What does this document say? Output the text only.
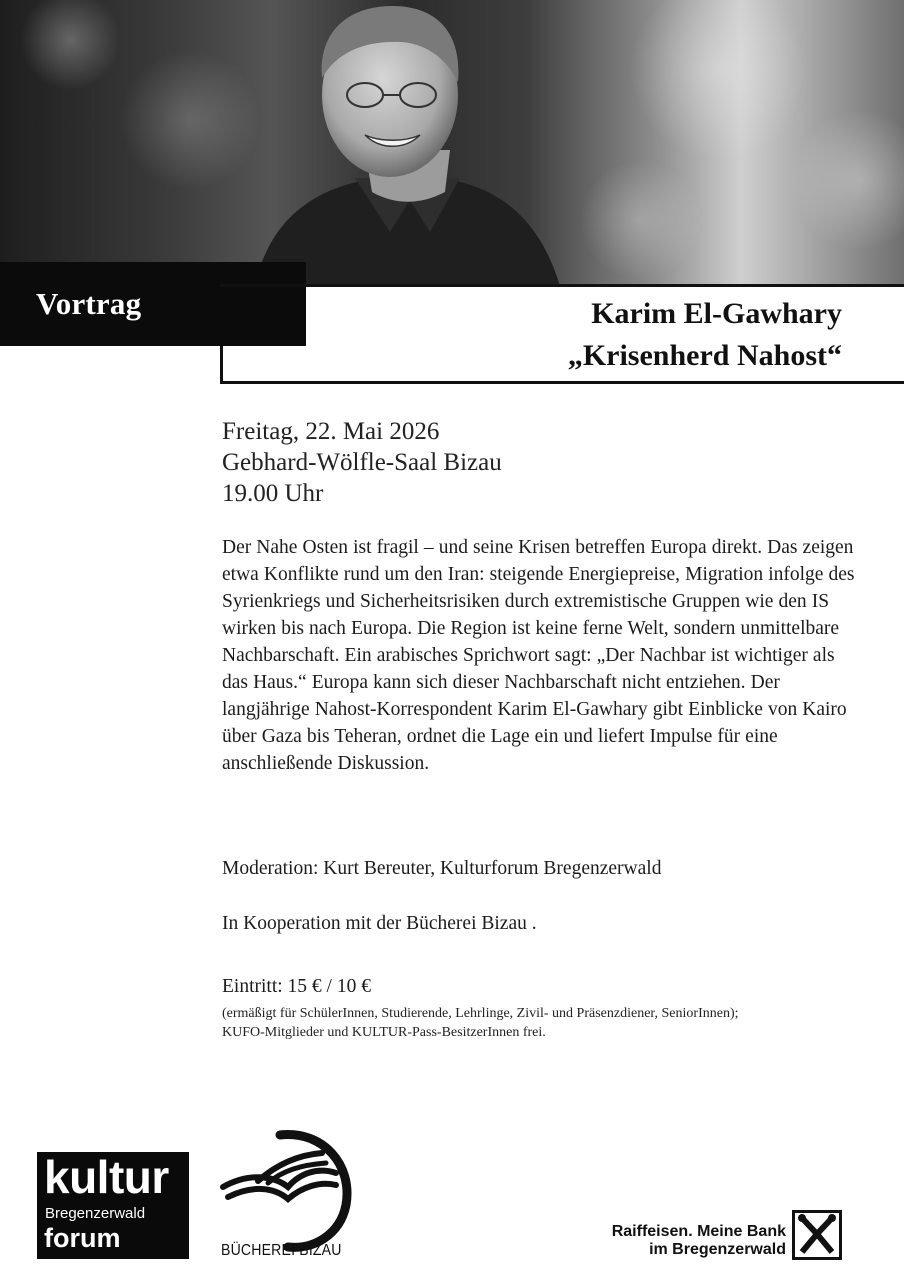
Vortrag	Karim El-Gawhary
„Krisenherd Nahost“
Freitag, 22. Mai 2026
Gebhard-Wölfle-Saal Bizau
19.00 Uhr
Der Nahe Osten ist fragil – und seine Krisen betreffen Europa direkt. Das zeigen etwa Konflikte rund um den Iran: steigende Energiepreise, Migration infolge des Syrienkriegs und Sicherheitsrisiken durch extremistische Gruppen wie den IS wirken bis nach Europa. Die Region ist keine ferne Welt, sondern unmittelbare Nachbarschaft. Ein arabisches Sprichwort sagt: „Der Nachbar ist wichtiger als das Haus.“ Europa kann sich dieser Nachbarschaft nicht entziehen. Der langjährige Nahost-Korrespondent Karim El-Gawhary gibt Einblicke von Kairo über Gaza bis Teheran, ordnet die Lage ein und liefert Impulse für eine anschließende Diskussion.
Moderation: Kurt Bereuter, Kulturforum Bregenzerwald
In Kooperation mit der Bücherei Bizau .
Eintritt: 15 € / 10 €
(ermäßigt für SchülerInnen, Studierende, Lehrlinge, Zivil- und Präsenzdiener, SeniorInnen);
KUFO-Mitglieder und KULTUR-Pass-BesitzerInnen frei.
kultur
Bregenzerwald
forum	BÜCHEREI BIZAU
Raiffeisen. Meine Bank
im Bregenzerwald
